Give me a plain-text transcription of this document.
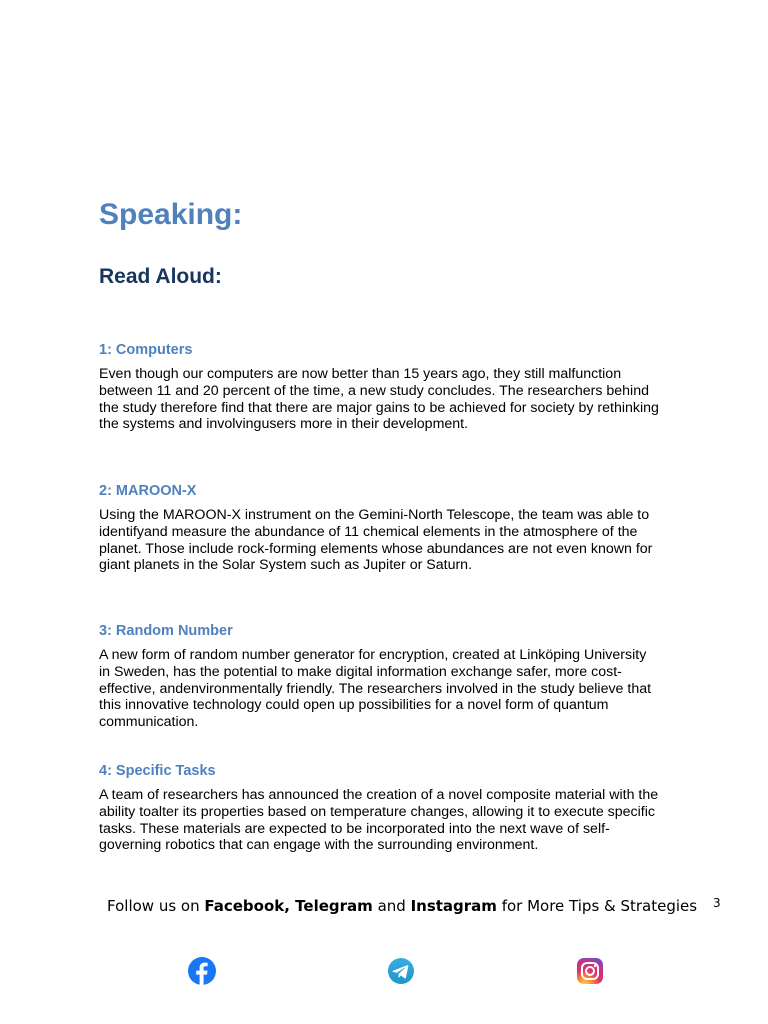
Speaking:
Read Aloud:
1: Computers

Even though our computers are now better than 15 years ago, they still malfunction between 11 and 20 percent of the time, a new study concludes. The researchers behind the study therefore find that there are major gains to be achieved for society by rethinking the systems and involvingusers more in their development.

2: MAROON-X

Using the MAROON-X instrument on the Gemini-North Telescope, the team was able to identifyand measure the abundance of 11 chemical elements in the atmosphere of the planet. Those include rock-forming elements whose abundances are not even known for giant planets in the Solar System such as Jupiter or Saturn.

3: Random Number

A new form of random number generator for encryption, created at Linköping University in Sweden, has the potential to make digital information exchange safer, more cost-effective, andenvironmentally friendly. The researchers involved in the study believe that this innovative technology could open up possibilities for a novel form of quantum communication.

4: Specific Tasks

A team of researchers has announced the creation of a novel composite material with the ability toalter its properties based on temperature changes, allowing it to execute specific tasks. These materials are expected to be incorporated into the next wave of self-governing robotics that can engage with the surrounding environment.

Follow us on Facebook, Telegram and Instagram for More Tips & Strategies	3
